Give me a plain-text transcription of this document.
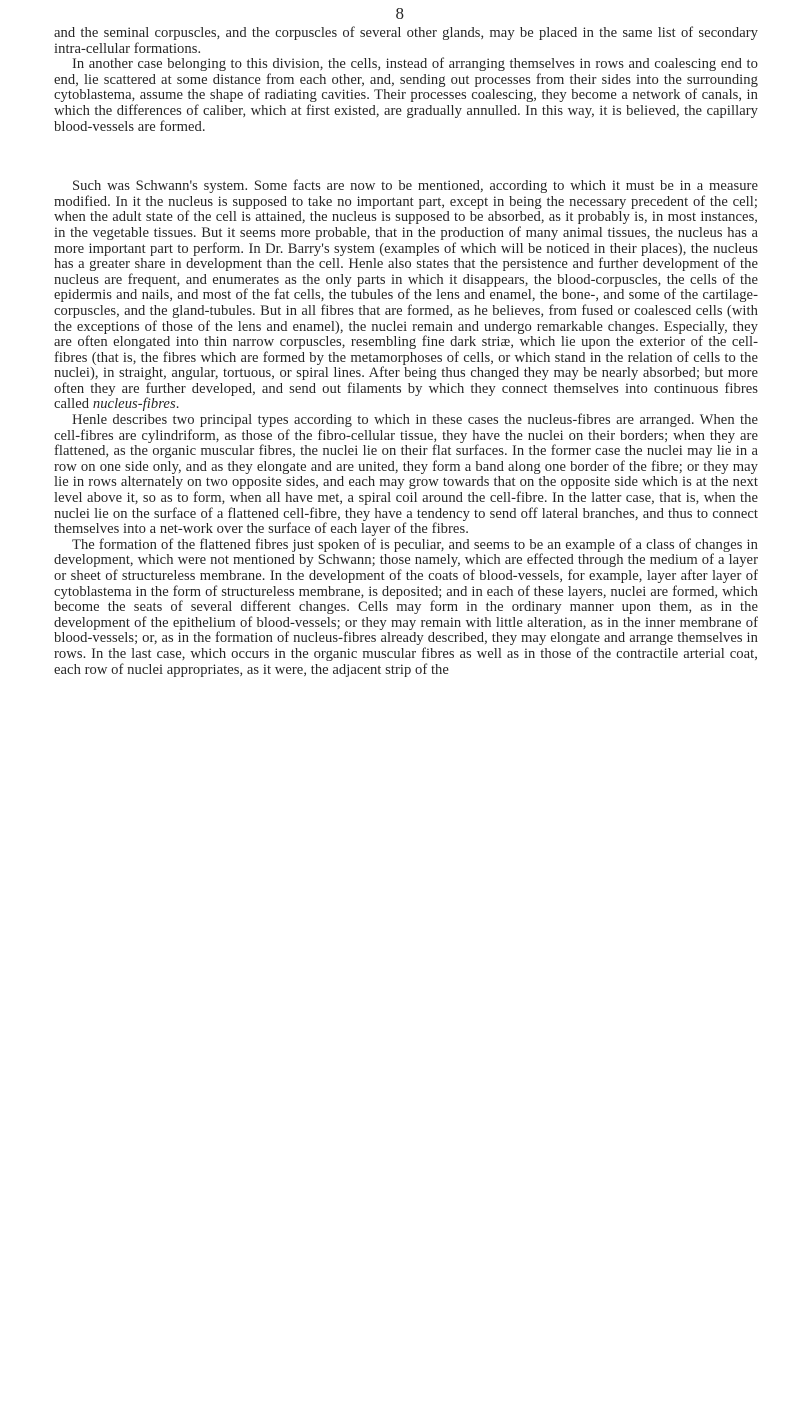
8

and the seminal corpuscles, and the corpuscles of several other glands, may be placed in the same list of secondary intra-cellular formations.

In another case belonging to this division, the cells, instead of arranging themselves in rows and coalescing end to end, lie scattered at some distance from each other, and, sending out processes from their sides into the surrounding cytoblastema, assume the shape of radiating cavities. Their processes coalescing, they become a network of canals, in which the differences of caliber, which at first existed, are gradually annulled. In this way, it is believed, the capillary blood-vessels are formed.

Such was Schwann's system. Some facts are now to be mentioned, according to which it must be in a measure modified. In it the nucleus is supposed to take no important part, except in being the necessary precedent of the cell; when the adult state of the cell is attained, the nucleus is supposed to be absorbed, as it probably is, in most instances, in the vegetable tissues. But it seems more probable, that in the production of many animal tissues, the nucleus has a more important part to perform. In Dr. Barry's system (examples of which will be noticed in their places), the nucleus has a greater share in development than the cell. Henle also states that the persistence and further development of the nucleus are frequent, and enumerates as the only parts in which it disappears, the blood-corpuscles, the cells of the epidermis and nails, and most of the fat cells, the tubules of the lens and enamel, the bone-, and some of the cartilage-corpuscles, and the gland-tubules. But in all fibres that are formed, as he believes, from fused or coalesced cells (with the exceptions of those of the lens and enamel), the nuclei remain and undergo remarkable changes. Especially, they are often elongated into thin narrow corpuscles, resembling fine dark striæ, which lie upon the exterior of the cell-fibres (that is, the fibres which are formed by the metamorphoses of cells, or which stand in the relation of cells to the nuclei), in straight, angular, tortuous, or spiral lines. After being thus changed they may be nearly absorbed; but more often they are further developed, and send out filaments by which they connect themselves into continuous fibres called nucleus-fibres.

Henle describes two principal types according to which in these cases the nucleus-fibres are arranged. When the cell-fibres are cylindriform, as those of the fibro-cellular tissue, they have the nuclei on their borders; when they are flattened, as the organic muscular fibres, the nuclei lie on their flat surfaces. In the former case the nuclei may lie in a row on one side only, and as they elongate and are united, they form a band along one border of the fibre; or they may lie in rows alternately on two opposite sides, and each may grow towards that on the opposite side which is at the next level above it, so as to form, when all have met, a spiral coil around the cell-fibre. In the latter case, that is, when the nuclei lie on the surface of a flattened cell-fibre, they have a tendency to send off lateral branches, and thus to connect themselves into a net-work over the surface of each layer of the fibres.

The formation of the flattened fibres just spoken of is peculiar, and seems to be an example of a class of changes in development, which were not mentioned by Schwann; those namely, which are effected through the medium of a layer or sheet of structureless membrane. In the development of the coats of blood-vessels, for example, layer after layer of cytoblastema in the form of structureless membrane, is deposited; and in each of these layers, nuclei are formed, which become the seats of several different changes. Cells may form in the ordinary manner upon them, as in the development of the epithelium of blood-vessels; or they may remain with little alteration, as in the inner membrane of blood-vessels; or, as in the formation of nucleus-fibres already described, they may elongate and arrange themselves in rows. In the last case, which occurs in the organic muscular fibres as well as in those of the contractile arterial coat, each row of nuclei appropriates, as it were, the adjacent strip of the
